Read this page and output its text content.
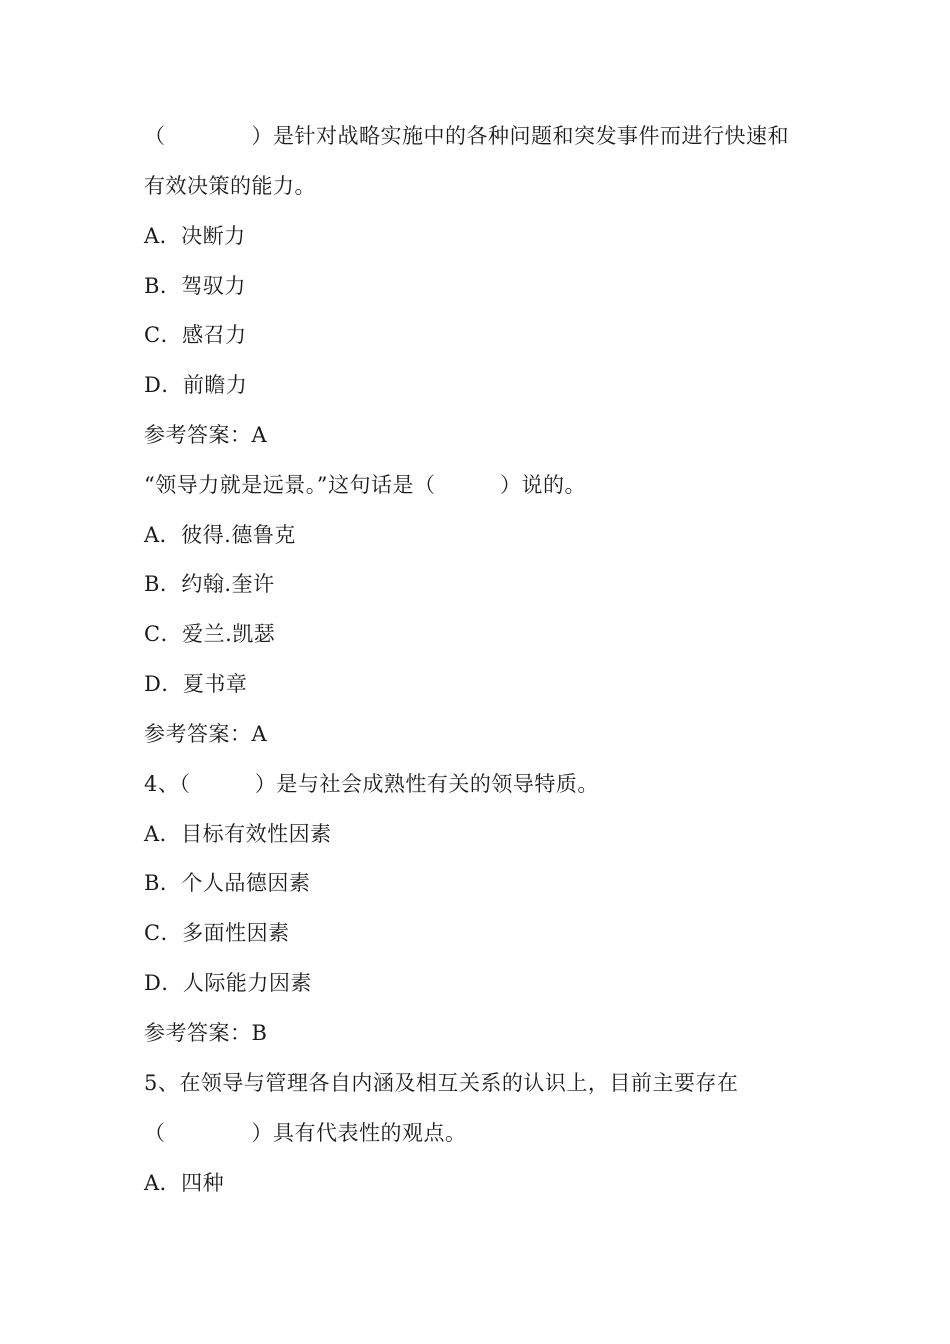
（　　　　）是针对战略实施中的各种问题和突发事件而进行快速和
有效决策的能力。
A．决断力
B．驾驭力
C．感召力
D．前瞻力
参考答案：A
“领导力就是远景。”这句话是（　　　）说的。
A．彼得.德鲁克
B．约翰.奎许
C．爱兰.凯瑟
D．夏书章
参考答案：A
4、（　　　）是与社会成熟性有关的领导特质。
A．目标有效性因素
B．个人品德因素
C．多面性因素
D．人际能力因素
参考答案：B
5、在领导与管理各自内涵及相互关系的认识上，目前主要存在
（　　　　）具有代表性的观点。
A．四种
